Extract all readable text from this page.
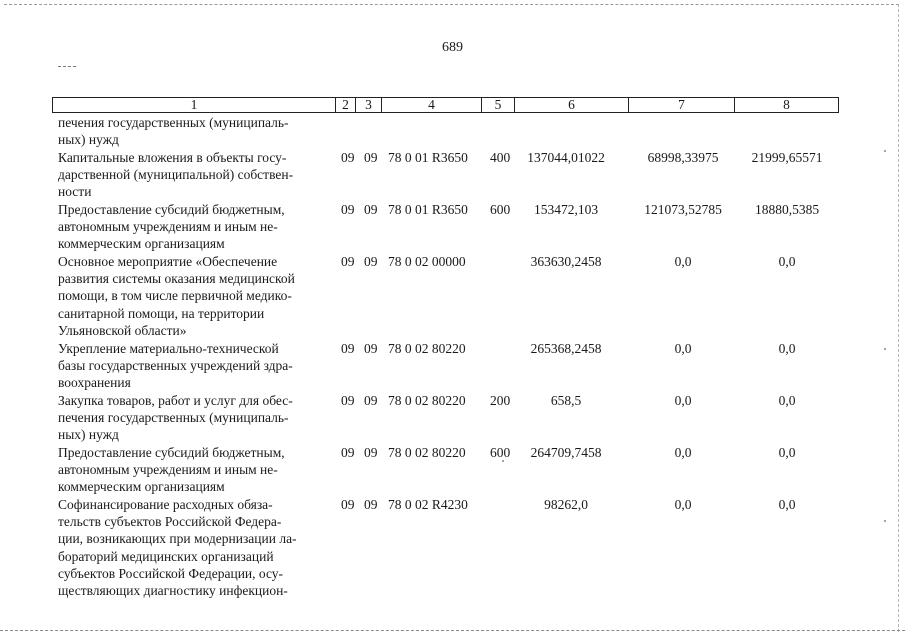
689
1	2	3	4	5	6	7	8
печения государственных (муниципаль-
ных) нужд
Капитальные вложения в объекты госу-
дарственной (муниципальной) собствен-
ности
09 09 78 0 01 R3650 400	137044,01022	68998,33975	21999,65571
Предоставление субсидий бюджетным,
автономным учреждениям и иным не-
коммерческим организациям
09 09 78 0 01 R3650 600	153472,103	121073,52785	18880,5385
Основное мероприятие «Обеспечение
развития системы оказания медицинской
помощи, в том числе первичной медико-
санитарной помощи, на территории
Ульяновской области»
09 09 78 0 02 00000	363630,2458	0,0	0,0
Укрепление материально-технической
базы государственных учреждений здра-
воохранения
09 09 78 0 02 80220	265368,2458	0,0	0,0
Закупка товаров, работ и услуг для обес-
печения государственных (муниципаль-
ных) нужд
09 09 78 0 02 80220 200	658,5	0,0	0,0
Предоставление субсидий бюджетным,
автономным учреждениям и иным не-
коммерческим организациям
09 09 78 0 02 80220 600	264709,7458	0,0	0,0
Софинансирование расходных обяза-
тельств субъектов Российской Федера-
ции, возникающих при модернизации ла-
бораторий медицинских организаций
субъектов Российской Федерации, осу-
ществляющих диагностику инфекцион-
09 09 78 0 02 R4230	98262,0	0,0	0,0
